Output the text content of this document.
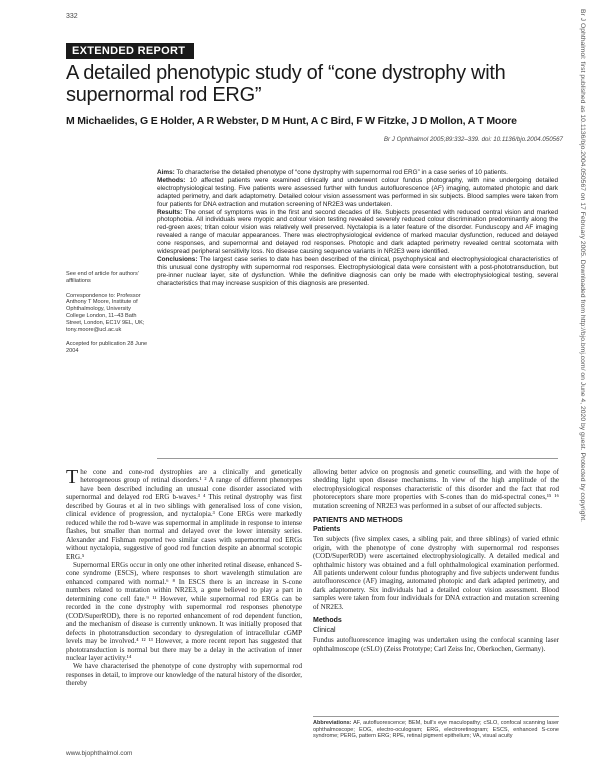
332
EXTENDED REPORT
A detailed phenotypic study of “cone dystrophy with supernormal rod ERG”
M Michaelides, G E Holder, A R Webster, D M Hunt, A C Bird, F W Fitzke, J D Mollon, A T Moore
Br J Ophthalmol 2005;89:332–339. doi: 10.1136/bjo.2004.050567

Aims: To characterise the detailed phenotype of “cone dystrophy with supernormal rod ERG” in a case series of 10 patients.

Methods: 10 affected patients were examined clinically and underwent colour fundus photography, with nine undergoing detailed electrophysiological testing. Five patients were assessed further with fundus autofluorescence (AF) imaging, automated photopic and dark adapted perimetry, and dark adaptometry. Detailed colour vision assessment was performed in six subjects. Blood samples were taken from four patients for DNA extraction and mutation screening of NR2E3 was undertaken.

Results: The onset of symptoms was in the first and second decades of life. Subjects presented with reduced central vision and marked photophobia. All individuals were myopic and colour vision testing revealed severely reduced colour discrimination predominantly along the red-green axes; tritan colour vision was relatively well preserved. Nyctalopia is a later feature of the disorder. Funduscopy and AF imaging revealed a range of macular appearances. There was electrophysiological evidence of marked macular dysfunction, reduced and delayed cone responses, and supernormal and delayed rod responses. Photopic and dark adapted perimetry revealed central scotomata with widespread peripheral sensitivity loss. No disease causing sequence variants in NR2E3 were identified.

Conclusions: The largest case series to date has been described of the clinical, psychophysical and electrophysiological characteristics of this unusual cone dystrophy with supernormal rod responses. Electrophysiological data were consistent with a post-phototransduction, but pre-inner nuclear layer, site of dysfunction. While the definitive diagnosis can only be made with electrophysiological testing, several characteristics that may increase suspicion of this diagnosis are presented.

See end of article for authors’ affiliations

Correspondence to: Professor Anthony T Moore, Institute of Ophthalmology, University College London, 11–43 Bath Street, London, EC1V 9EL, UK; tony.moore@ucl.ac.uk

Accepted for publication 28 June 2004

The cone and cone-rod dystrophies are a clinically and genetically heterogeneous group of retinal disorders.¹ ² A range of different phenotypes have been described including an unusual cone disorder associated with supernormal and delayed rod ERG b-waves.³ ⁴ This retinal dystrophy was first described by Gouras et al in two siblings with generalised loss of cone vision, clinical evidence of progression, and nyctalopia.³ Cone ERGs were markedly reduced while the rod b-wave was supernormal in amplitude in response to intense flashes, but smaller than normal and delayed over the lower intensity series. Alexander and Fishman reported two similar cases with supernormal rod ERGs without nyctalopia, suggestive of good rod function despite an abnormal scotopic ERG.⁵

Supernormal ERGs occur in only one other inherited retinal disease, enhanced S-cone syndrome (ESCS), where responses to short wavelength stimulation are enhanced compared with normal.⁶ ⁸ In ESCS there is an increase in S-cone numbers related to mutation within NR2E3, a gene believed to play a part in determining cone cell fate.⁹ ¹¹ However, while supernormal rod ERGs can be recorded in the cone dystrophy with supernormal rod responses phenotype (COD/SuperROD), there is no reported enhancement of rod dependent function, and the mechanism of disease is currently unknown. It was initially proposed that defects in phototransduction secondary to dysregulation of intracellular cGMP levels may be involved.⁴ ¹² ¹³ However, a more recent report has suggested that phototransduction is normal but there may be a delay in the activation of inner nuclear layer activity.¹⁴

We have characterised the phenotype of cone dystrophy with supernormal rod responses in detail, to improve our knowledge of the natural history of the disorder, thereby

allowing better advice on prognosis and genetic counselling, and with the hope of shedding light upon disease mechanisms. In view of the high amplitude of the electrophysiological responses characteristic of this disorder and the fact that rod photoreceptors share more properties with S-cones than do mid-spectral cones,¹⁵ ¹⁶ mutation screening of NR2E3 was performed in a subset of our affected subjects.

PATIENTS AND METHODS
Patients

Ten subjects (five simplex cases, a sibling pair, and three siblings) of varied ethnic origin, with the phenotype of cone dystrophy with supernormal rod responses (COD/SuperROD) were ascertained electrophysiologically. A detailed medical and ophthalmic history was obtained and a full ophthalmological examination performed. All patients underwent colour fundus photography and five subjects underwent fundus autofluorescence (AF) imaging, automated photopic and dark adapted perimetry, and dark adaptometry. Six individuals had a detailed colour vision assessment. Blood samples were taken from four individuals for DNA extraction and mutation screening of NR2E3.

Methods
Clinical

Fundus autofluorescence imaging was undertaken using the confocal scanning laser ophthalmoscope (cSLO) (Zeiss Prototype; Carl Zeiss Inc, Oberkochen, Germany).

Abbreviations: AF, autofluorescence; BEM, bull’s eye maculopathy; cSLO, confocal scanning laser ophthalmoscope; EOG, electro-oculogram; ERG, electroretinogram; ESCS, enhanced S-cone syndrome; PERG, pattern ERG; RPE, retinal pigment epithelium; VA, visual acuity
www.bjophthalmol.com
Br J Ophthalmol: first published as 10.1136/bjo.2004.050567 on 17 February 2005. Downloaded from http://bjo.bmj.com/ on June 4, 2020 by guest. Protected by copyright.
